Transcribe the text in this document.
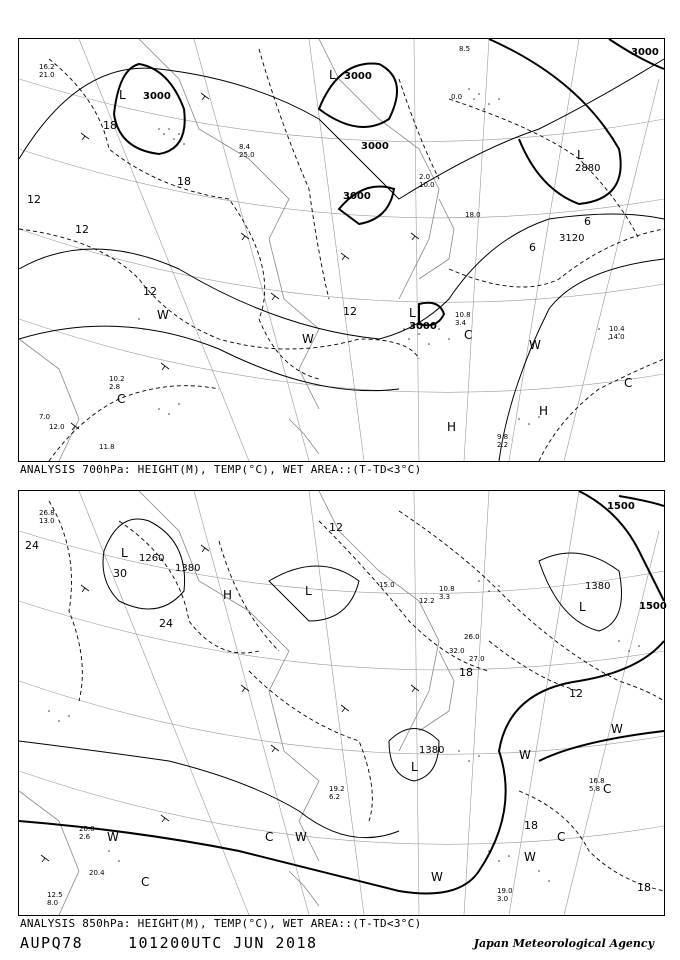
3000
3000
3000
3000
3000
3000
2880
3120
18
18
12
12
12
12
6
6
L
L
L
L
H
H
C
C
W	W
C
W
16.2
21.0
10.4
14.0
10.2
2.8
11.8
9.8
2.2
10.8
3.4
18.0
2.0
10.0
8.5
7.0
12.0
8.4
25.0
0.0
ANALYSIS 700hPa: HEIGHT(M), TEMP(°C), WET AREA::(T-TD<3°C)
1500
1500
1380
1380
1380
1260
24
30
24
12
12
18
18
18
L
L
L
L
H
W
W
W
W
C
C	C
C
W
W
26.8
13.0
20.8
2.6
16.8
5.8
19.0
3.0
12.5
8.0
20.4
32.0
26.0
27.0
15.0
12.2
19.2
6.2
10.8
3.3
ANALYSIS 850hPa: HEIGHT(M), TEMP(°C), WET AREA::(T-TD<3°C)
AUPQ78	101200UTC JUN 2018	Japan Meteorological Agency
